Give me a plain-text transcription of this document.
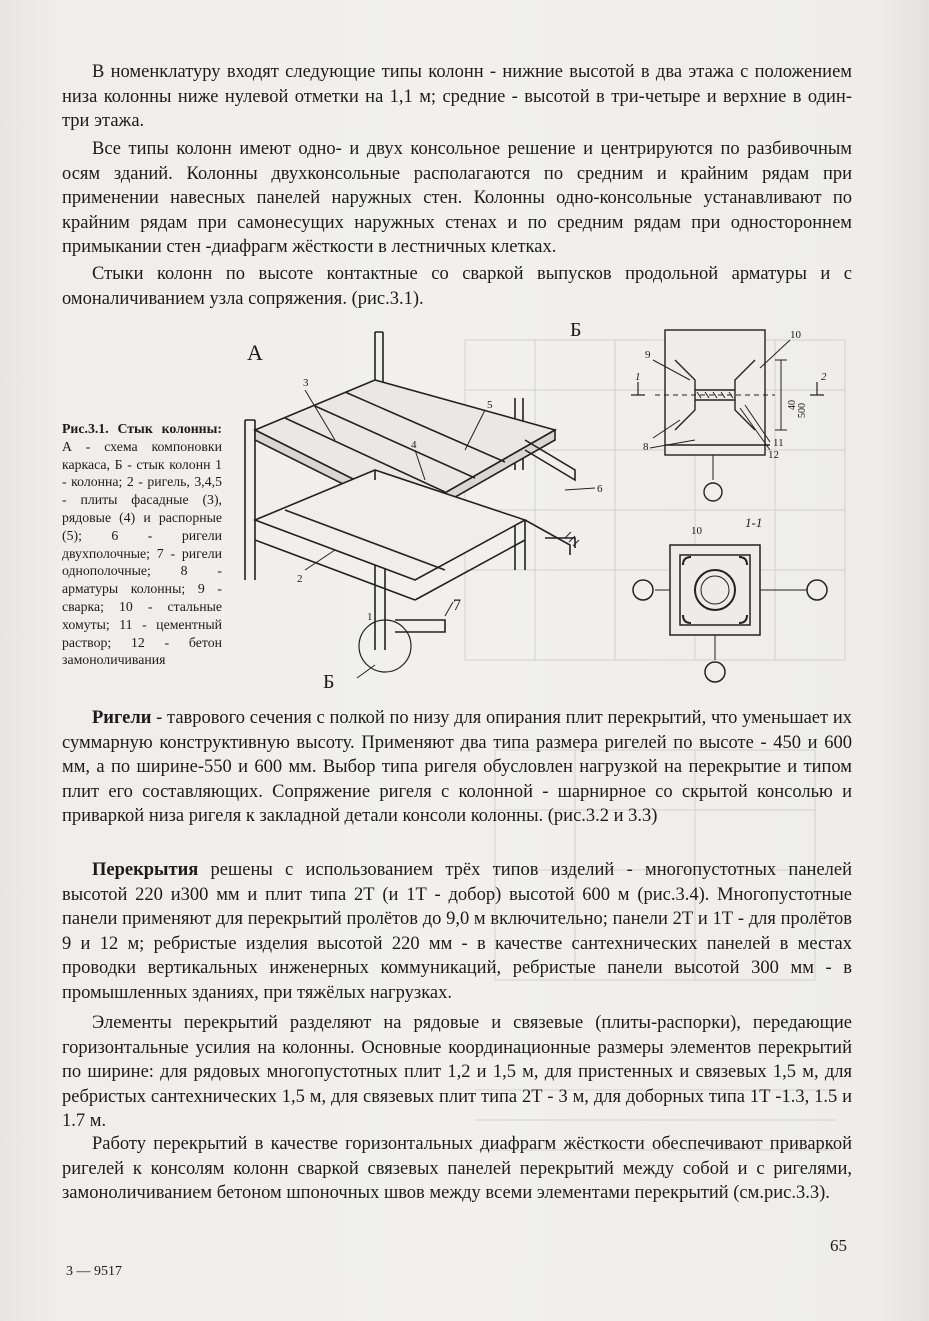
В номенклатуру входят следующие типы колонн - нижние высотой в два этажа с положением низа колонны ниже нулевой отметки на 1,1 м; средние - высотой в три-четыре и верхние в один- три этажа.

Все типы колонн имеют одно- и двух консольное решение и центрируются по разбивочным осям зданий. Колонны двухконсольные располагаются по средним и крайним рядам при применении навесных панелей наружных стен. Колонны одно-консольные устанавливают по крайним рядам при самонесущих наружных стенах и по средним рядам при одностороннем примыкании стен -диафрагм жёсткости в лестничных клетках.

Стыки колонн по высоте контактные со сваркой выпусков продольной арматуры и с омоналичиванием узла сопряжения. (рис.3.1).

Рис.3.1. Стык колонны: А - схема компоновки каркаса, Б - стык колонн 1 - колонна; 2 - ригель, 3,4,5 - плиты фасадные (3), рядовые (4) и распорные (5); 6 - ригели двухполочные; 7 - ригели однополочные; 8 - арматуры колонны; 9 - сварка; 10 - стальные хомуты; 11 - цементный раствор; 12 - бетон замоноличивания

А
Б
Б
1-1
40 500
3
5
4
6
2
1
7
9
8
10
11
12
1
10
2

Ригели - таврового сечения с полкой по низу для опирания плит перекрытий, что уменьшает их суммарную конструктивную высоту. Применяют два типа размера ригелей по высоте - 450 и 600 мм, а по ширине-550 и 600 мм. Выбор типа ригеля обусловлен нагрузкой на перекрытие и типом плит его составляющих. Сопряжение ригеля с колонной - шарнирное со скрытой консолью и приваркой низа ригеля к закладной детали консоли колонны. (рис.3.2 и 3.3)

Перекрытия решены с использованием трёх типов изделий - многопустотных панелей высотой 220 и300 мм и плит типа 2Т (и 1Т - добор) высотой 600 м (рис.3.4). Многопустотные панели применяют для перекрытий пролётов до 9,0 м включительно; панели 2Т и 1Т - для пролётов 9 и 12 м; ребристые изделия высотой 220 мм - в качестве сантехнических панелей в местах проводки вертикальных инженерных коммуникаций, ребристые панели высотой 300 мм - в промышленных зданиях, при тяжёлых нагрузках.

Элементы перекрытий разделяют на рядовые и связевые (плиты-распорки), передающие горизонтальные усилия на колонны. Основные координационные размеры элементов перекрытий по ширине: для рядовых многопустотных плит 1,2 и 1,5 м, для пристенных и связевых 1,5 м, для ребристых сантехнических 1,5 м, для связевых плит типа 2Т - 3 м, для доборных типа 1Т -1.3, 1.5 и 1.7 м.

Работу перекрытий в качестве горизонтальных диафрагм жёсткости обеспечивают приваркой ригелей к консолям колонн сваркой связевых панелей перекрытий между собой и с ригелями, замоноличиванием бетоном шпоночных швов между всеми элементами перекрытий (см.рис.3.3).

65
3 — 9517
